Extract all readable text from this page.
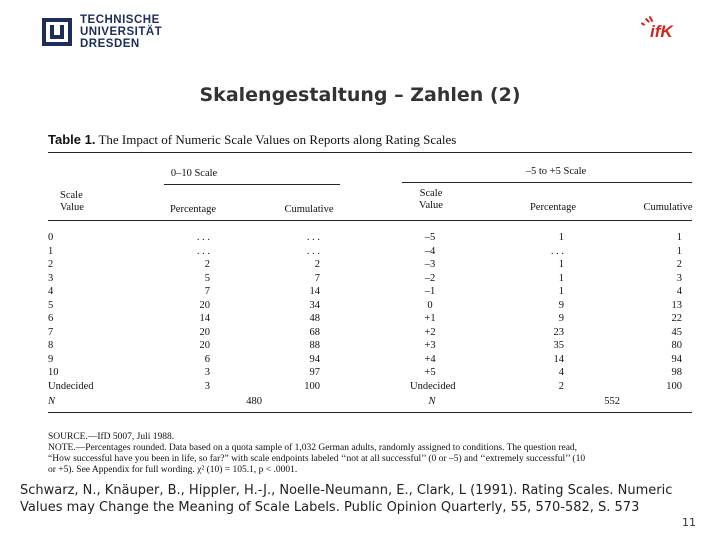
TECHNISCHE
UNIVERSITÄT
DRESDEN
ifK
Skalengestaltung – Zahlen (2)
Table 1. The Impact of Numeric Scale Values on Reports along Rating Scales
0–10 Scale	–5 to +5 Scale
Scale
Value	Percentage	Cumulative
Scale
Value	Percentage	Cumulative
0	. . .	. . .	–5	1	1
1	. . .	. . .	–4	. . .	1
2	2	2	–3	1	2
3	5	7	–2	1	3
4	7	14	–1	1	4
5	20	34	0	9	13
6	14	48	+1	9	22
7	20	68	+2	23	45
8	20	88	+3	35	80
9	6	94	+4	14	94
10	3	97	+5	4	98
Undecided	3	100	Undecided	2	100
N	480	N	552
SOURCE.—IfD 5007, Juli 1988.
NOTE.—Percentages rounded. Data based on a quota sample of 1,032 German adults, randomly assigned to conditions. The question read,
“How successful have you been in life, so far?” with scale endpoints labeled ‘‘not at all successful’’ (0 or –5) and ‘‘extremely successful’’ (10
or +5). See Appendix for full wording. χ² (10) = 105.1, p < .0001.
Schwarz, N., Knäuper, B., Hippler, H.-J., Noelle-Neumann, E., Clark, L (1991). Rating Scales. Numeric Values may Change the Meaning of Scale Labels. Public Opinion Quarterly, 55, 570-582, S. 573
11
